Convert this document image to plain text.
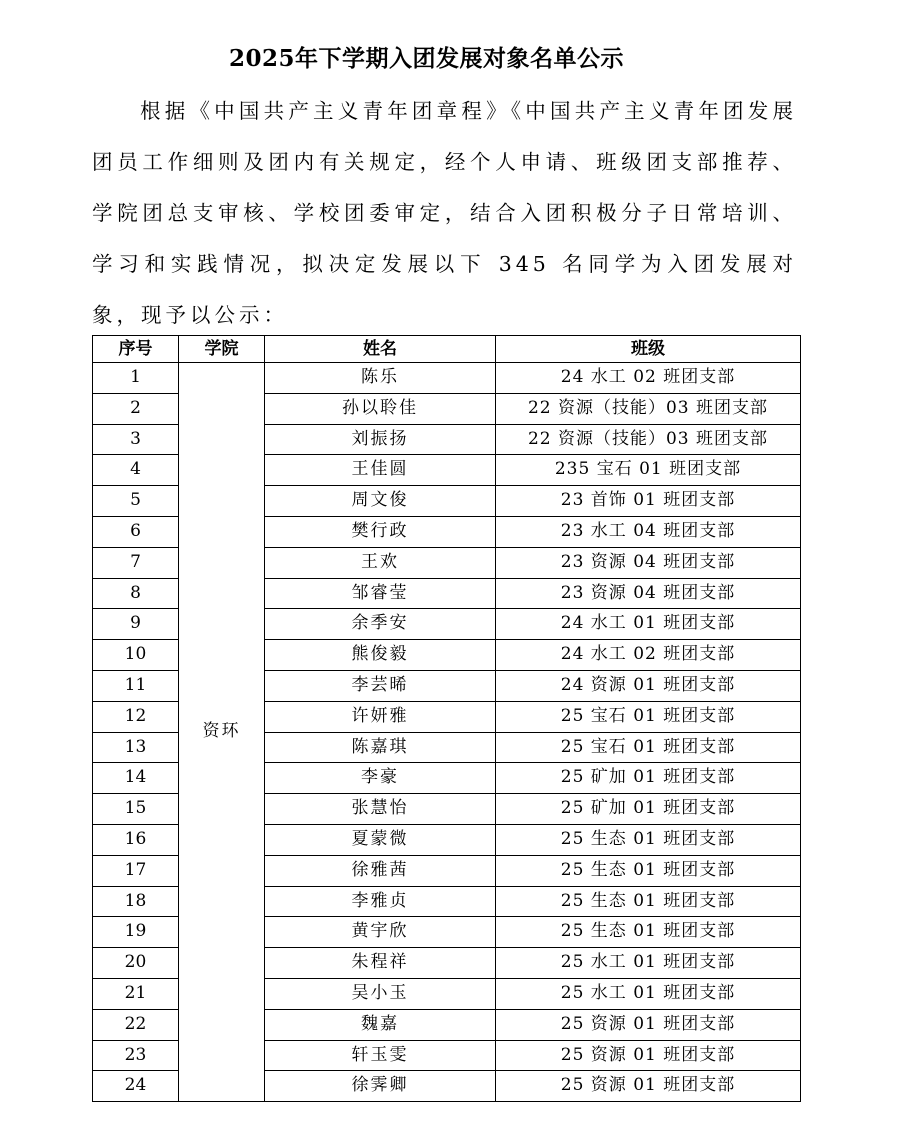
2025年下学期入团发展对象名单公示

根据《中国共产主义青年团章程》《中国共产主义青年团发展团员工作细则及团内有关规定，经个人申请、班级团支部推荐、学院团总支审核、学校团委审定，结合入团积极分子日常培训、学习和实践情况，拟决定发展以下 345 名同学为入团发展对象，现予以公示：

序号	学院	姓名	班级
1	资环	陈乐	24 水工 02 班团支部
2		孙以聆佳	22 资源（技能）03 班团支部
3		刘振扬	22 资源（技能）03 班团支部
4		王佳圆	235 宝石 01 班团支部
5		周文俊	23 首饰 01 班团支部
6		樊行政	23 水工 04 班团支部
7		王欢	23 资源 04 班团支部
8		邹睿莹	23 资源 04 班团支部
9		余季安	24 水工 01 班团支部
10		熊俊毅	24 水工 02 班团支部
11		李芸晞	24 资源 01 班团支部
12		许妍雅	25 宝石 01 班团支部
13		陈嘉琪	25 宝石 01 班团支部
14		李豪	25 矿加 01 班团支部
15		张慧怡	25 矿加 01 班团支部
16		夏蒙微	25 生态 01 班团支部
17		徐雅茜	25 生态 01 班团支部
18		李雅贞	25 生态 01 班团支部
19		黄宇欣	25 生态 01 班团支部
20		朱程祥	25 水工 01 班团支部
21		吴小玉	25 水工 01 班团支部
22		魏嘉	25 资源 01 班团支部
23		轩玉雯	25 资源 01 班团支部
24		徐霁卿	25 资源 01 班团支部
